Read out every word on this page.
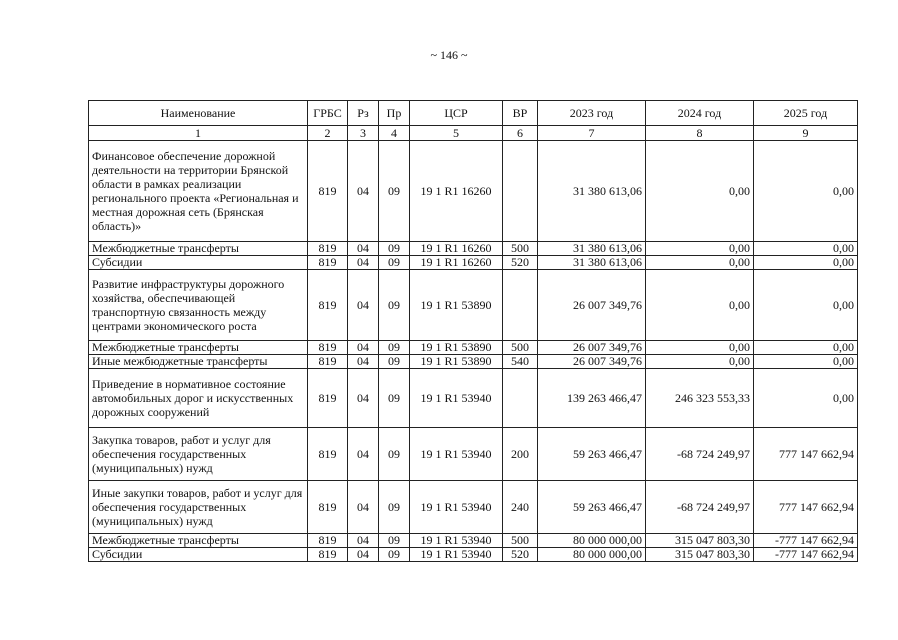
~ 146 ~
Наименование	ГРБС	Рз	Пр	ЦСР	ВР	2023 год	2024 год	2025 год
1	2	3	4	5	6	7	8	9
Финансовое обеспечение дорожной деятельности на территории Брянской области в рамках реализации регионального проекта «Региональная и местная дорожная сеть (Брянская область)»	819	04	09	19 1 R1 16260		31 380 613,06	0,00	0,00
Межбюджетные трансферты	819	04	09	19 1 R1 16260	500	31 380 613,06	0,00	0,00
Субсидии	819	04	09	19 1 R1 16260	520	31 380 613,06	0,00	0,00
Развитие инфраструктуры дорожного хозяйства, обеспечивающей транспортную связанность между центрами экономического роста	819	04	09	19 1 R1 53890		26 007 349,76	0,00	0,00
Межбюджетные трансферты	819	04	09	19 1 R1 53890	500	26 007 349,76	0,00	0,00
Иные межбюджетные трансферты	819	04	09	19 1 R1 53890	540	26 007 349,76	0,00	0,00
Приведение в нормативное состояние автомобильных дорог и искусственных дорожных сооружений	819	04	09	19 1 R1 53940		139 263 466,47	246 323 553,33	0,00
Закупка товаров, работ и услуг для обеспечения государственных (муниципальных) нужд	819	04	09	19 1 R1 53940	200	59 263 466,47	-68 724 249,97	777 147 662,94
Иные закупки товаров, работ и услуг для обеспечения государственных (муниципальных) нужд	819	04	09	19 1 R1 53940	240	59 263 466,47	-68 724 249,97	777 147 662,94
Межбюджетные трансферты	819	04	09	19 1 R1 53940	500	80 000 000,00	315 047 803,30	-777 147 662,94
Субсидии	819	04	09	19 1 R1 53940	520	80 000 000,00	315 047 803,30	-777 147 662,94
